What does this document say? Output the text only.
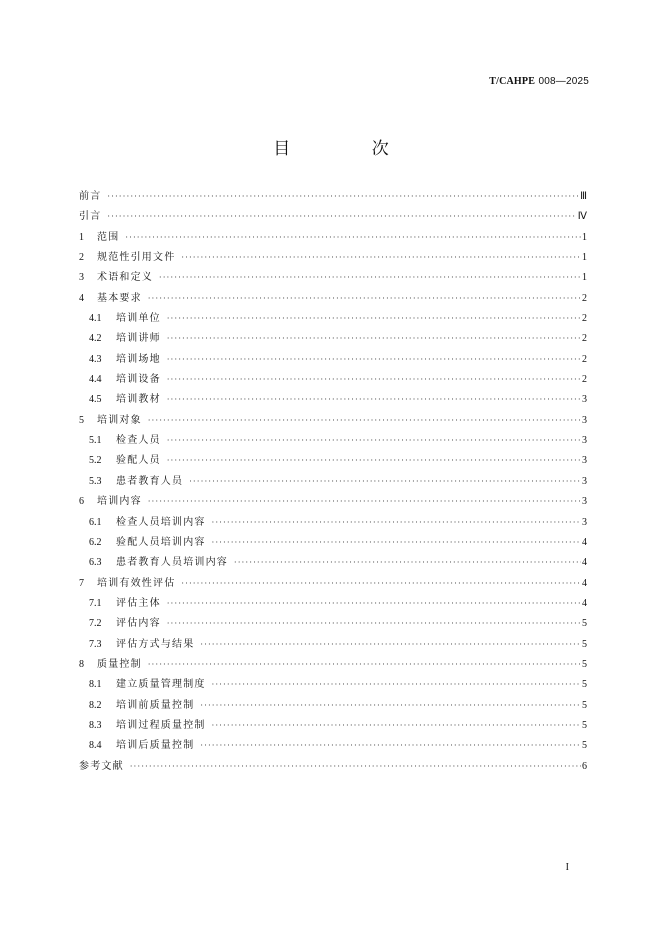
T/CAHPE 008—2025
目 次
前言 ·····	Ⅲ
引言 ·····	Ⅳ
1	范围 ·····	1
2	规范性引用文件 ·····	1
3	术语和定义 ·····	1
4	基本要求 ·····	2
4.1	培训单位 ·····	2
4.2	培训讲师 ·····	2
4.3	培训场地 ·····	2
4.4	培训设备 ·····	2
4.5	培训教材 ·····	3
5	培训对象 ·····	3
5.1	检查人员 ·····	3
5.2	验配人员 ·····	3
5.3	患者教育人员 ·····	3
6	培训内容 ·····	3
6.1	检查人员培训内容 ·····	3
6.2	验配人员培训内容 ·····	4
6.3	患者教育人员培训内容 ·····	4
7	培训有效性评估 ·····	4
7.1	评估主体 ·····	4
7.2	评估内容 ·····	5
7.3	评估方式与结果 ·····	5
8	质量控制 ·····	5
8.1	建立质量管理制度 ·····	5
8.2	培训前质量控制 ·····	5
8.3	培训过程质量控制 ·····	5
8.4	培训后质量控制 ·····	5
参考文献 ·····	6
I
